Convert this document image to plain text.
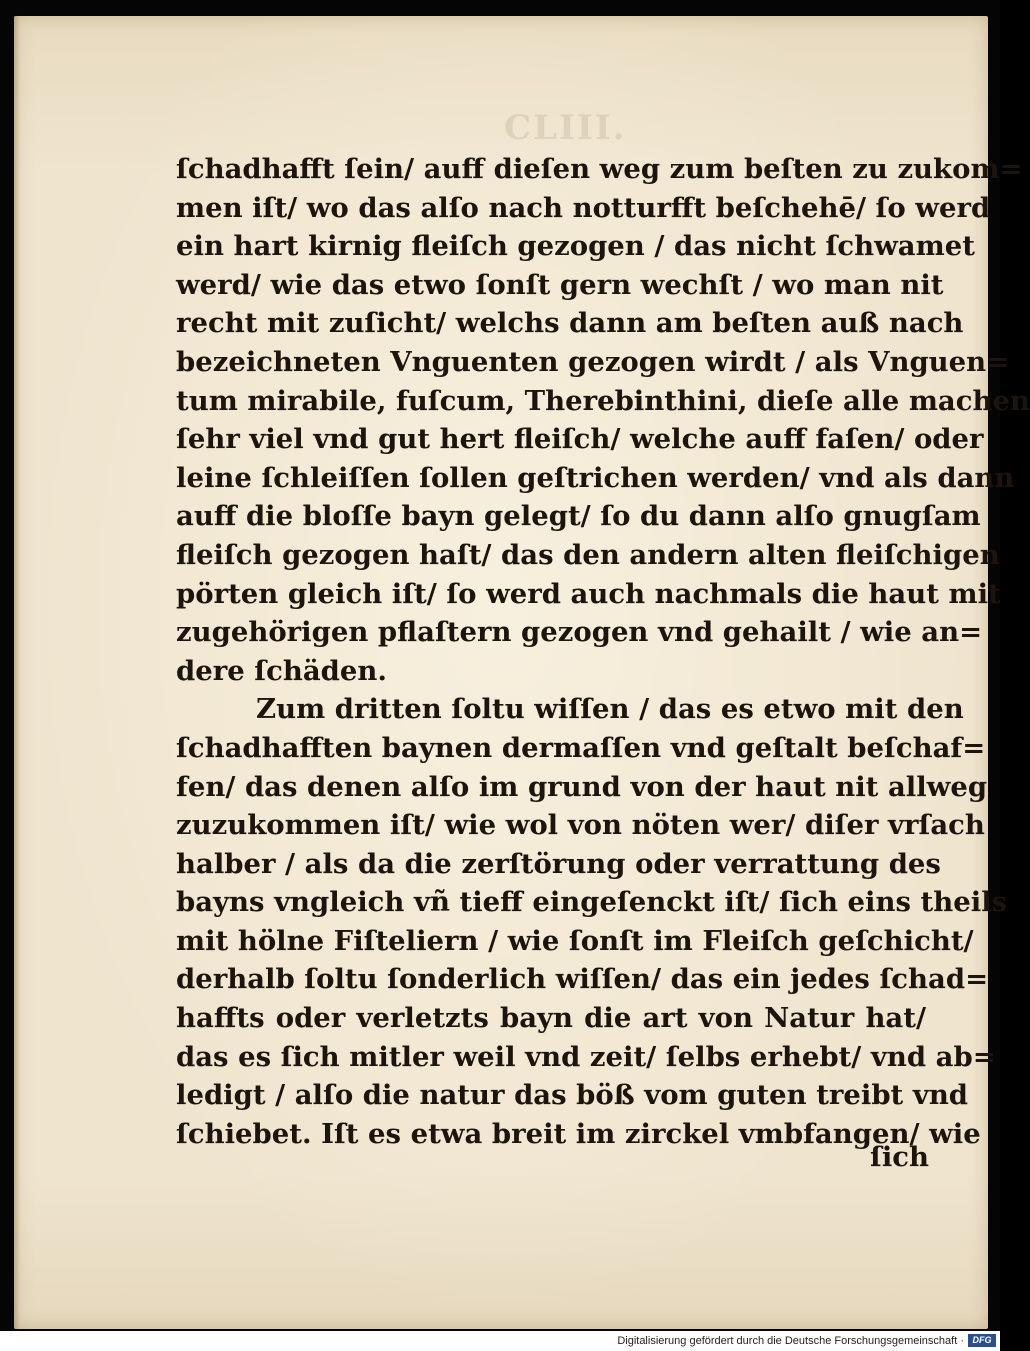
CLIII.
ſchadhafft ſein/ auff dieſen weg zum beſten zu zukom=
men iſt/ wo das alſo nach notturfft beſchehē/ ſo werd
ein hart kirnig fleiſch gezogen / das nicht ſchwamet
werd/ wie das etwo ſonſt gern wechſt / wo man nit
recht mit zuſicht/ welchs dann am beſten auß nach
bezeichneten Vnguenten gezogen wirdt / als Vnguen=
tum mirabile, fuſcum, Therebinthini, dieſe alle machen
ſehr viel vnd gut hert fleiſch/ welche auff faſen/ oder
leine ſchleiſſen ſollen geſtrichen werden/ vnd als dann
auff die bloſſe bayn gelegt/ ſo du dann alſo gnugſam
fleiſch gezogen haſt/ das den andern alten fleiſchigen
pörten gleich iſt/ ſo werd auch nachmals die haut mit
zugehörigen pflaſtern gezogen vnd gehailt / wie an=
dere ſchäden.
Zum dritten ſoltu wiſſen / das es etwo mit den
ſchadhafften baynen dermaſſen vnd geſtalt beſchaf=
fen/ das denen alſo im grund von der haut nit allweg
zuzukommen iſt/ wie wol von nöten wer/ diſer vrſach
halber / als da die zerſtörung oder verrattung des
bayns vngleich vñ tieff eingeſenckt iſt/ ſich eins theils
mit hölne Fiſteliern / wie ſonſt im Fleiſch geſchicht/
derhalb ſoltu ſonderlich wiſſen/ das ein jedes ſchad=
haffts oder verletzts bayn die art von Natur hat/
das es ſich mitler weil vnd zeit/ ſelbs erhebt/ vnd ab=
ledigt / alſo die natur das böß vom guten treibt vnd
ſchiebet. Iſt es etwa breit im zirckel vmbfangen/ wie
ſich
Digitalisierung gefördert durch die Deutsche Forschungsgemeinschaft · DFG
